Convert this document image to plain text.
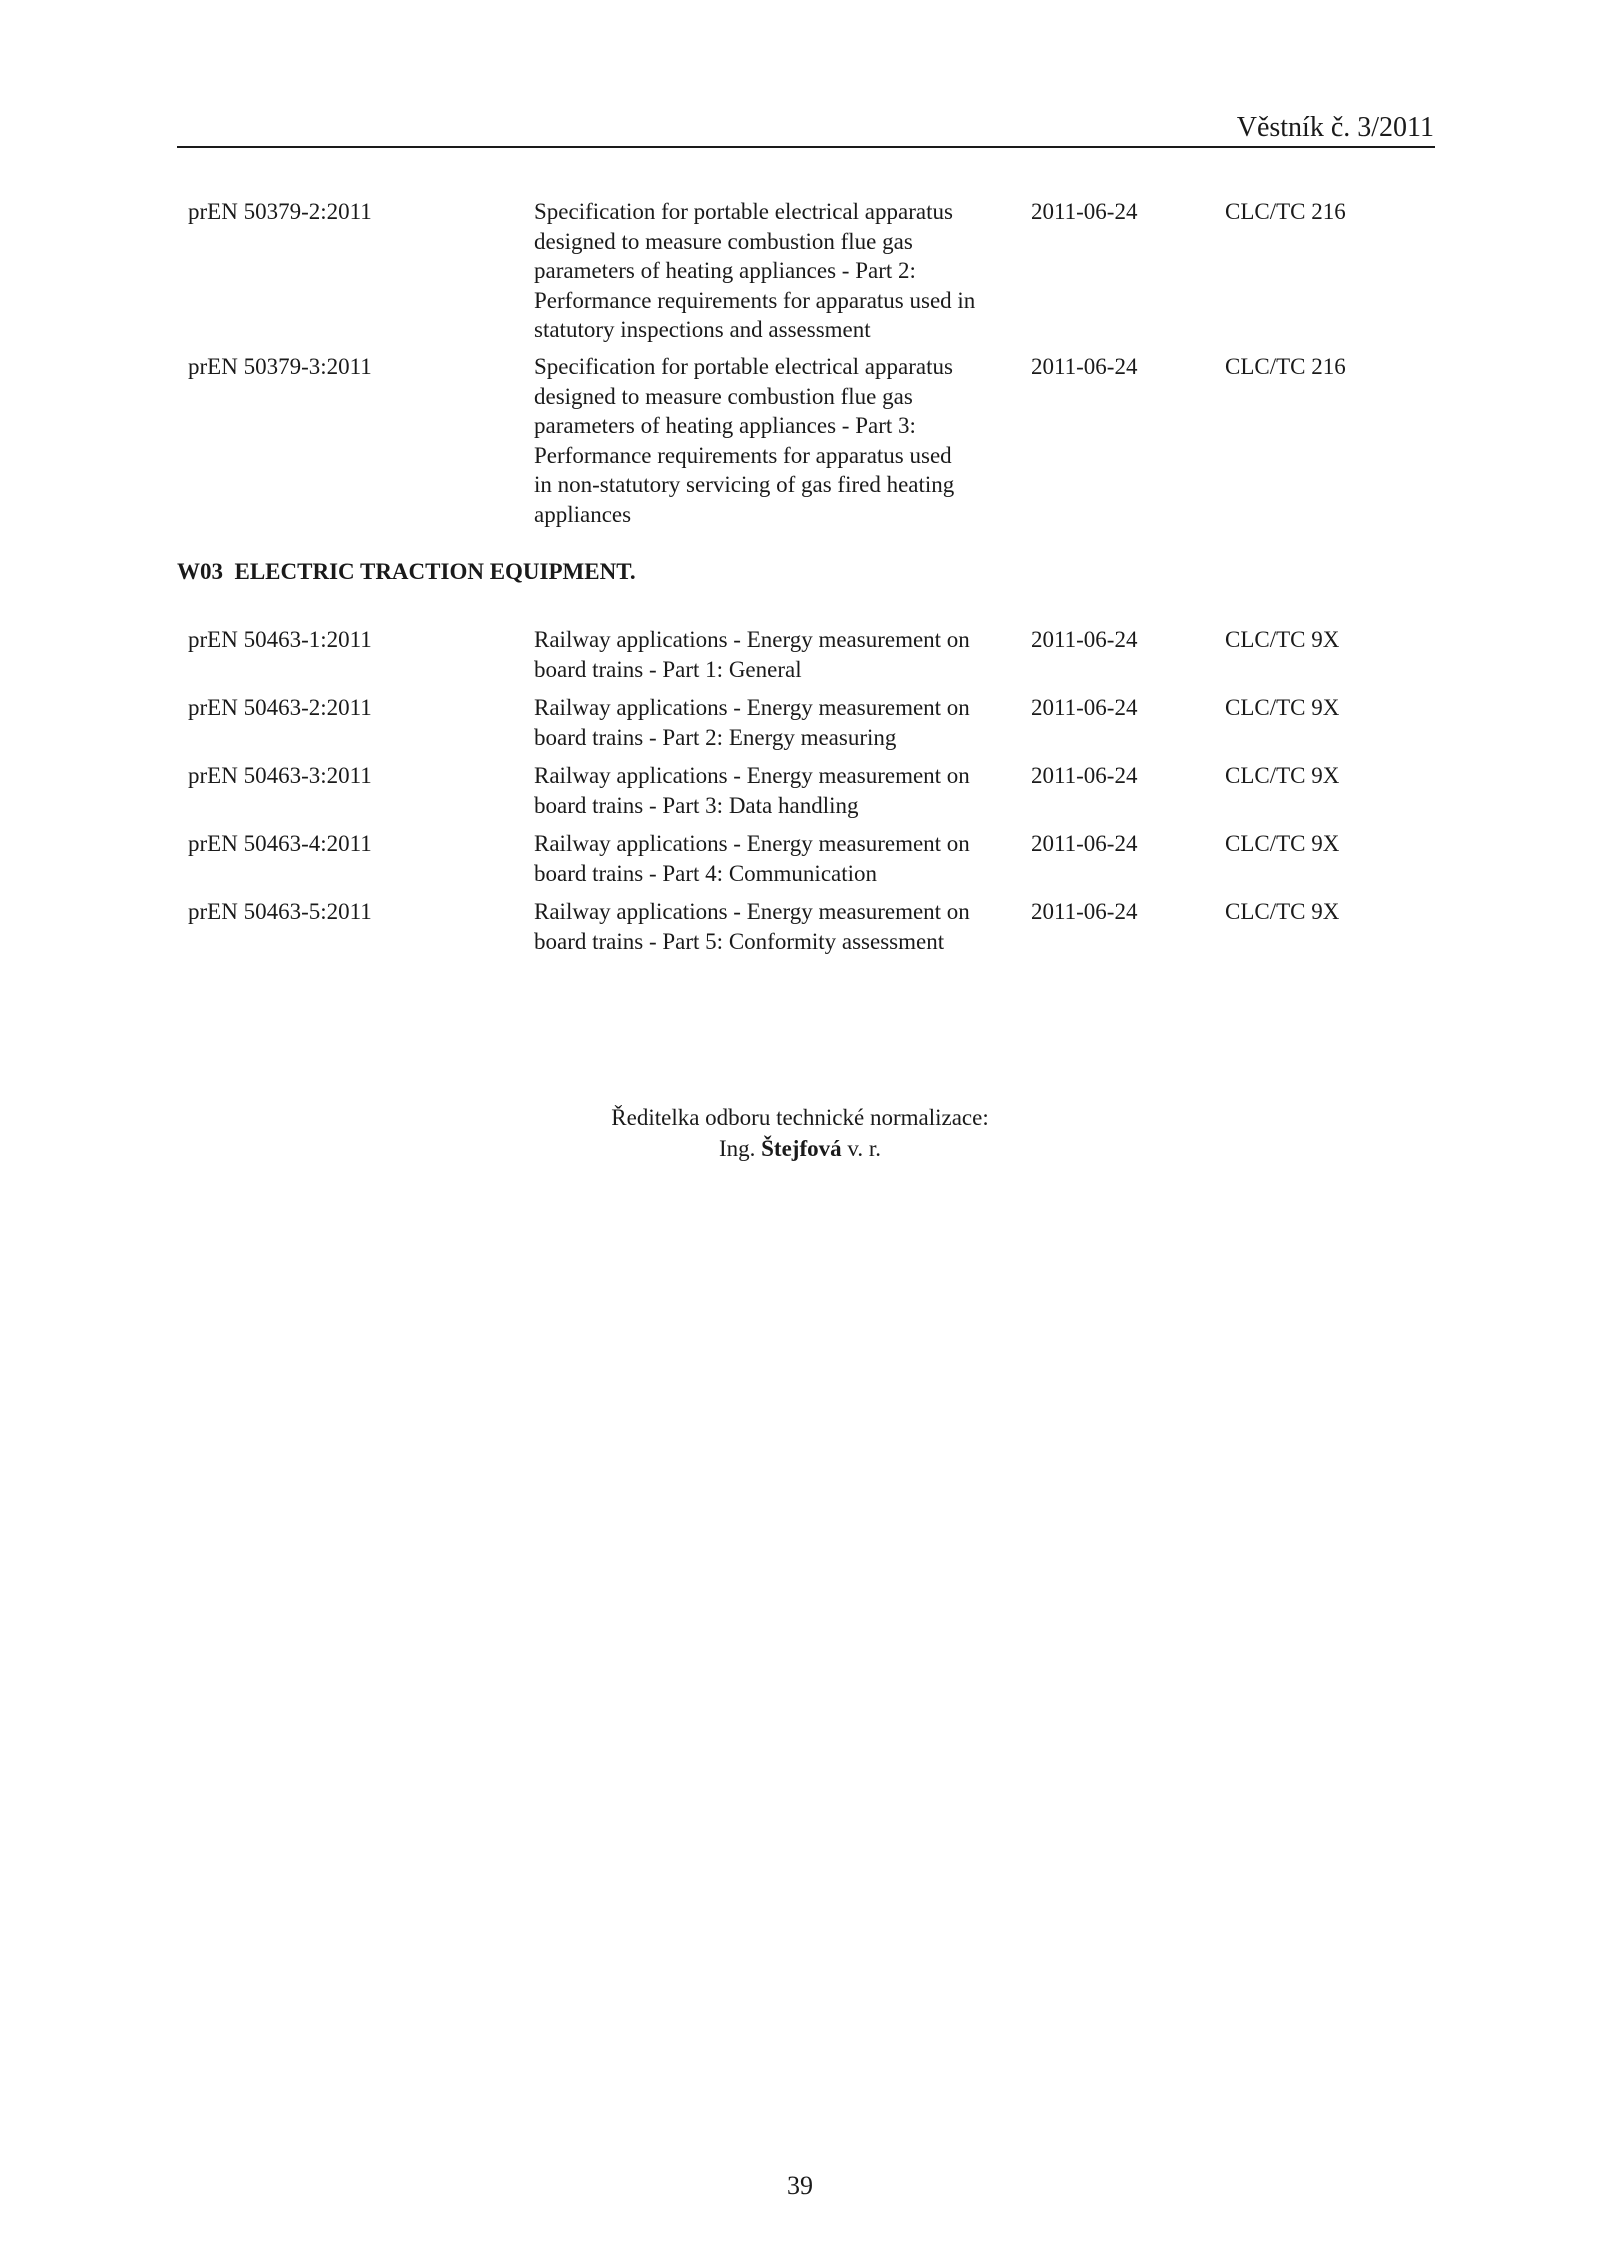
Věstník č. 3/2011
prEN 50379-2:2011	Specification for portable electrical apparatus
designed to measure combustion flue gas
parameters of heating appliances - Part 2:
Performance requirements for apparatus used in
statutory inspections and assessment
2011-06-24	CLC/TC 216
prEN 50379-3:2011	Specification for portable electrical apparatus
designed to measure combustion flue gas
parameters of heating appliances - Part 3:
Performance requirements for apparatus used
in non-statutory servicing of gas fired heating
appliances
2011-06-24	CLC/TC 216
W03  ELECTRIC TRACTION EQUIPMENT.
prEN 50463-1:2011	Railway applications - Energy measurement on
board trains - Part 1: General
2011-06-24	CLC/TC 9X
prEN 50463-2:2011	Railway applications - Energy measurement on
board trains - Part 2: Energy measuring
2011-06-24	CLC/TC 9X
prEN 50463-3:2011	Railway applications - Energy measurement on
board trains - Part 3: Data handling
2011-06-24	CLC/TC 9X
prEN 50463-4:2011	Railway applications - Energy measurement on
board trains - Part 4: Communication
2011-06-24	CLC/TC 9X
prEN 50463-5:2011	Railway applications - Energy measurement on
board trains - Part 5: Conformity assessment
2011-06-24	CLC/TC 9X
Ředitelka odboru technické normalizace:
Ing. Štejfová v. r.
39
